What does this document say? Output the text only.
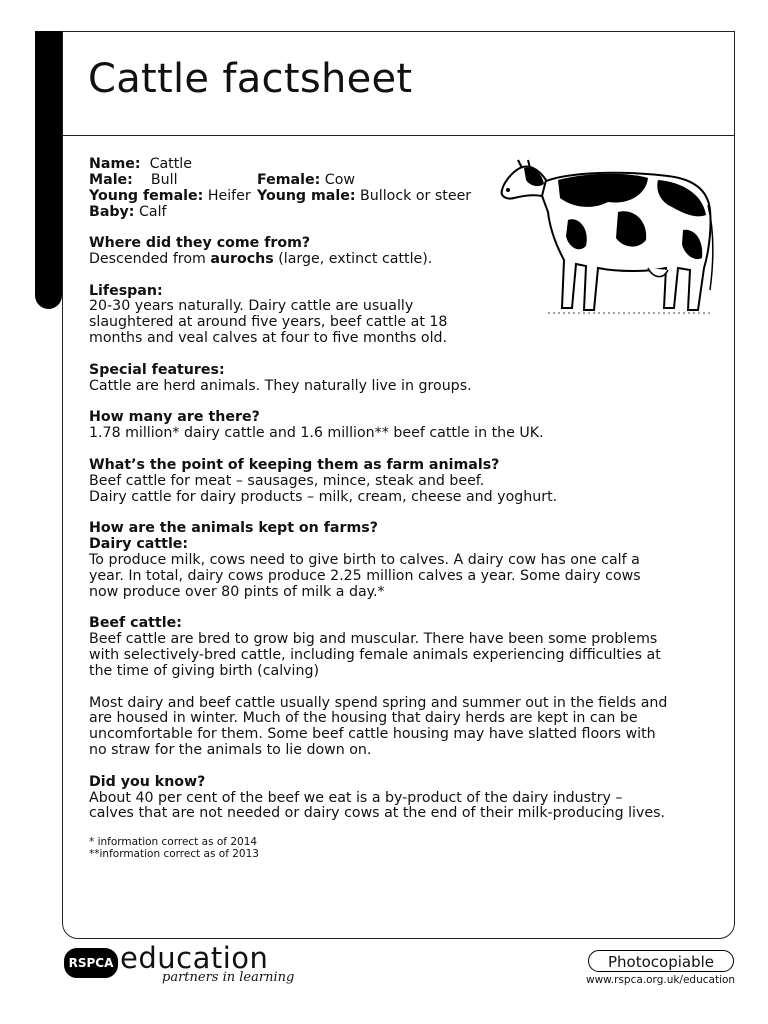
factsheet
Cattle factsheet
Name: Cattle
Male: Bull	Female: Cow
Young female: Heifer Young male: Bullock or steer
Baby: Calf

Where did they come from?

Descended from aurochs (large, extinct cattle).

Lifespan:

20-30 years naturally. Dairy cattle are usually

slaughtered at around five years, beef cattle at 18

months and veal calves at four to five months old.

Special features:

Cattle are herd animals. They naturally live in groups.

How many are there?

1.78 million* dairy cattle and 1.6 million** beef cattle in the UK.

What’s the point of keeping them as farm animals?

Beef cattle for meat – sausages, mince, steak and beef.

Dairy cattle for dairy products – milk, cream, cheese and yoghurt.

How are the animals kept on farms?

Dairy cattle:

To produce milk, cows need to give birth to calves. A dairy cow has one calf a

year. In total, dairy cows produce 2.25 million calves a year. Some dairy cows

now produce over 80 pints of milk a day.*

Beef cattle:

Beef cattle are bred to grow big and muscular. There have been some problems

with selectively-bred cattle, including female animals experiencing difficulties at

the time of giving birth (calving)

Most dairy and beef cattle usually spend spring and summer out in the fields and

are housed in winter. Much of the housing that dairy herds are kept in can be

uncomfortable for them. Some beef cattle housing may have slatted floors with

no straw for the animals to lie down on.

Did you know?

About 40 per cent of the beef we eat is a by-product of the dairy industry –

calves that are not needed or dairy cows at the end of their milk-producing lives.

* information correct as of 2014
**information correct as of 2013
RSPCA education
partners in learning
Photocopiable
www.rspca.org.uk/education
